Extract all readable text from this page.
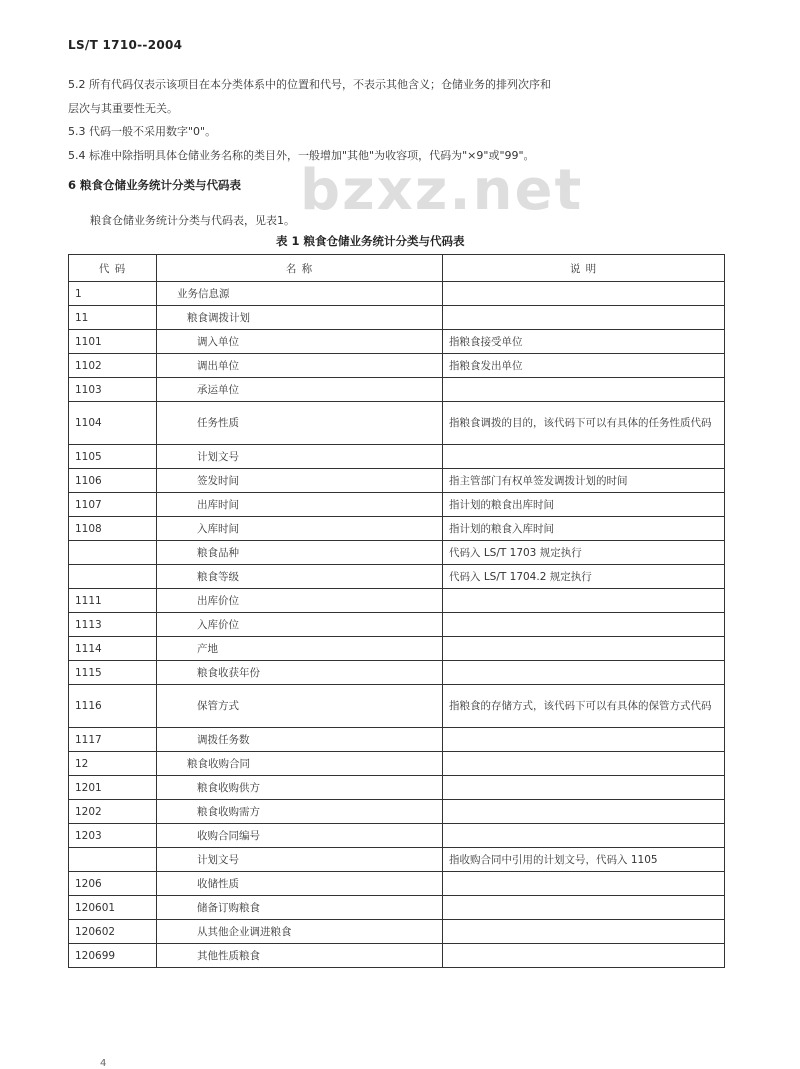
LS/T 1710--2004
5.2 所有代码仅表示该项目在本分类体系中的位置和代号，不表示其他含义；仓储业务的排列次序和
层次与其重要性无关。
5.3 代码一般不采用数字"0"。
5.4 标准中除指明具体仓储业务名称的类目外，一般增加"其他"为收容项，代码为"×9"或"99"。
bzxz.net
6 粮食仓储业务统计分类与代码表
粮食仓储业务统计分类与代码表，见表1。
表 1 粮食仓储业务统计分类与代码表
代 码	名 称	说 明
1	业务信息源	
11	粮食调拨计划	
1101	调入单位	指粮食接受单位
1102	调出单位	指粮食发出单位
1103	承运单位	
1104	任务性质	指粮食调拨的目的，该代码下可以有具体的任务性质代码
1105	计划文号	
1106	签发时间	指主管部门有权单签发调拨计划的时间
1107	出库时间	指计划的粮食出库时间
1108	入库时间	指计划的粮食入库时间
	粮食品种	代码入 LS/T 1703 规定执行
	粮食等级	代码入 LS/T 1704.2 规定执行
1111	出库价位	
1113	入库价位	
1114	产地	
1115	粮食收获年份	
1116	保管方式	指粮食的存储方式，该代码下可以有具体的保管方式代码
1117	调拨任务数	
12	粮食收购合同	
1201	粮食收购供方	
1202	粮食收购需方	
1203	收购合同编号	
	计划文号	指收购合同中引用的计划文号，代码入 1105
1206	收储性质	
120601	储备订购粮食	
120602	从其他企业调进粮食	
120699	其他性质粮食	
4
